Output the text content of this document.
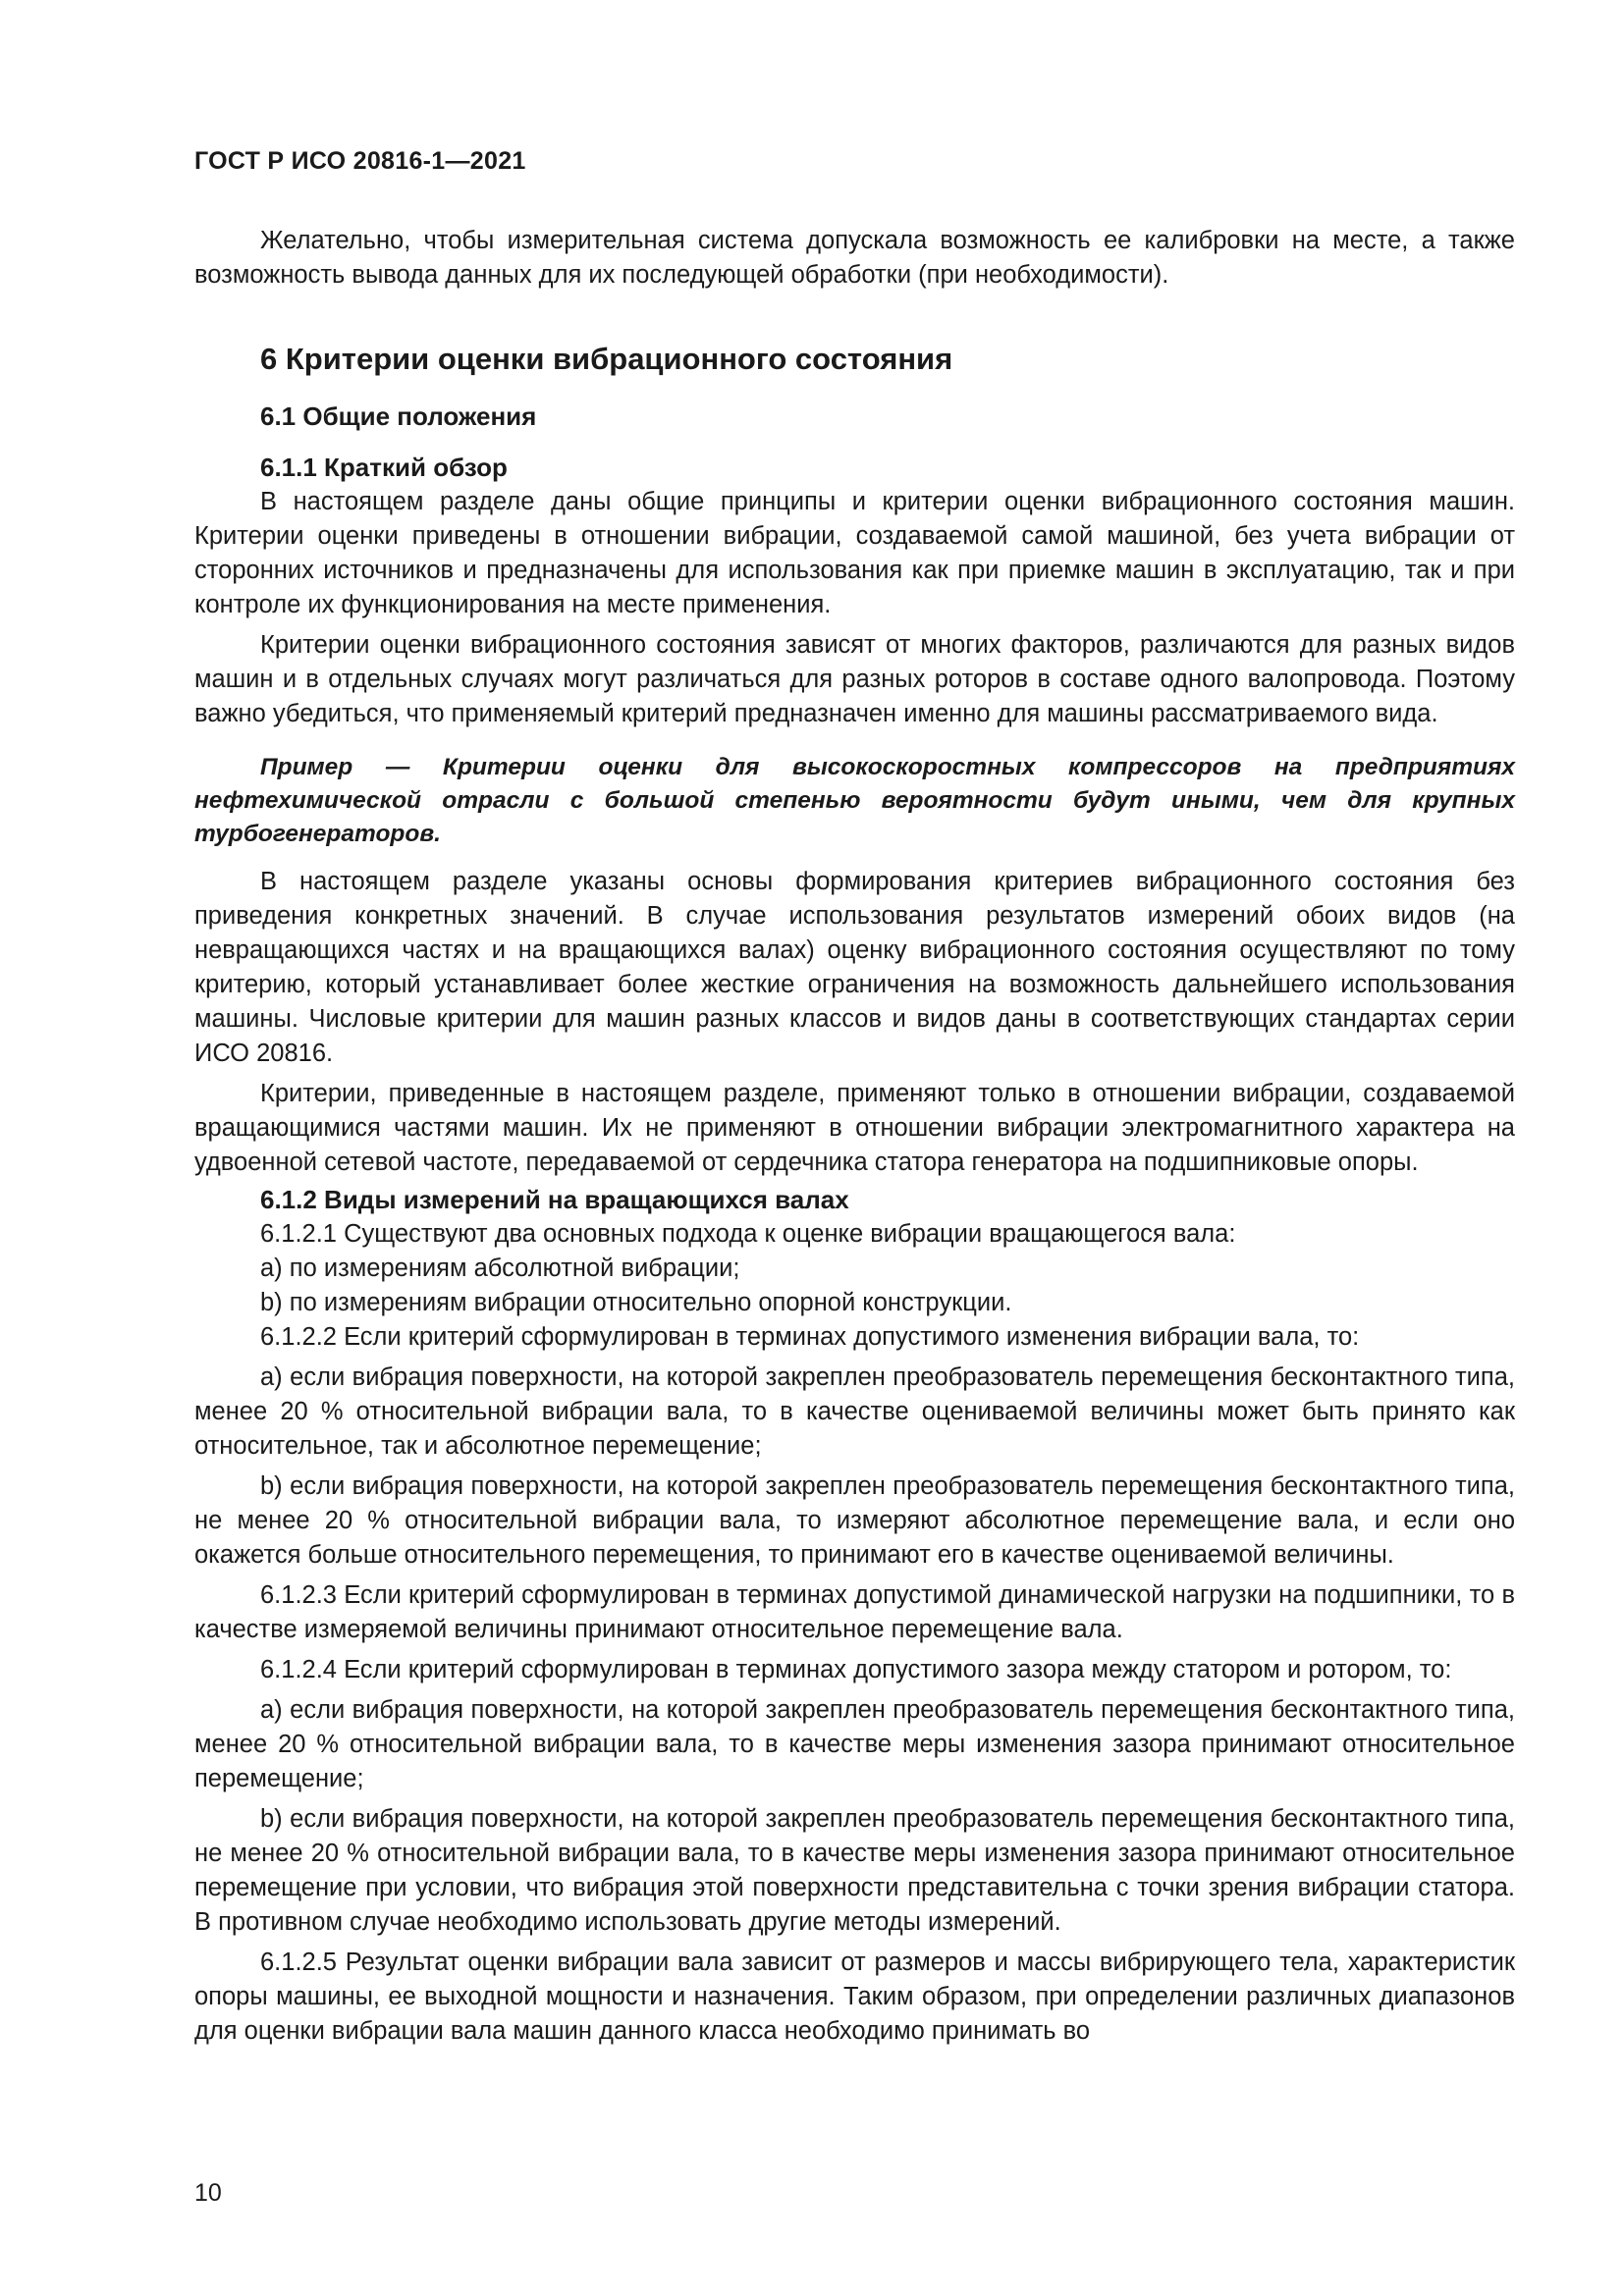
ГОСТ Р ИСО 20816-1—2021

Желательно, чтобы измерительная система допускала возможность ее калибровки на месте, а также возможность вывода данных для их последующей обработки (при необходимости).

6 Критерии оценки вибрационного состояния
6.1 Общие положения
6.1.1 Краткий обзор

В настоящем разделе даны общие принципы и критерии оценки вибрационного состояния машин. Критерии оценки приведены в отношении вибрации, создаваемой самой машиной, без учета вибрации от сторонних источников и предназначены для использования как при приемке машин в эксплуатацию, так и при контроле их функционирования на месте применения.

Критерии оценки вибрационного состояния зависят от многих факторов, различаются для разных видов машин и в отдельных случаях могут различаться для разных роторов в составе одного валопровода. Поэтому важно убедиться, что применяемый критерий предназначен именно для машины рассматриваемого вида.

Пример — Критерии оценки для высокоскоростных компрессоров на предприятиях нефтехимической отрасли с большой степенью вероятности будут иными, чем для крупных турбогенераторов.

В настоящем разделе указаны основы формирования критериев вибрационного состояния без приведения конкретных значений. В случае использования результатов измерений обоих видов (на невращающихся частях и на вращающихся валах) оценку вибрационного состояния осуществляют по тому критерию, который устанавливает более жесткие ограничения на возможность дальнейшего использования машины. Числовые критерии для машин разных классов и видов даны в соответствующих стандартах серии ИСО 20816.

Критерии, приведенные в настоящем разделе, применяют только в отношении вибрации, создаваемой вращающимися частями машин. Их не применяют в отношении вибрации электромагнитного характера на удвоенной сетевой частоте, передаваемой от сердечника статора генератора на подшипниковые опоры.

6.1.2 Виды измерений на вращающихся валах

6.1.2.1 Существуют два основных подхода к оценке вибрации вращающегося вала:

a) по измерениям абсолютной вибрации;

b) по измерениям вибрации относительно опорной конструкции.

6.1.2.2 Если критерий сформулирован в терминах допустимого изменения вибрации вала, то:

a) если вибрация поверхности, на которой закреплен преобразователь перемещения бесконтактного типа, менее 20 % относительной вибрации вала, то в качестве оцениваемой величины может быть принято как относительное, так и абсолютное перемещение;

b) если вибрация поверхности, на которой закреплен преобразователь перемещения бесконтактного типа, не менее 20 % относительной вибрации вала, то измеряют абсолютное перемещение вала, и если оно окажется больше относительного перемещения, то принимают его в качестве оцениваемой величины.

6.1.2.3 Если критерий сформулирован в терминах допустимой динамической нагрузки на подшипники, то в качестве измеряемой величины принимают относительное перемещение вала.

6.1.2.4 Если критерий сформулирован в терминах допустимого зазора между статором и ротором, то:

a) если вибрация поверхности, на которой закреплен преобразователь перемещения бесконтактного типа, менее 20 % относительной вибрации вала, то в качестве меры изменения зазора принимают относительное перемещение;

b) если вибрация поверхности, на которой закреплен преобразователь перемещения бесконтактного типа, не менее 20 % относительной вибрации вала, то в качестве меры изменения зазора принимают относительное перемещение при условии, что вибрация этой поверхности представительна с точки зрения вибрации статора. В противном случае необходимо использовать другие методы измерений.

6.1.2.5 Результат оценки вибрации вала зависит от размеров и массы вибрирующего тела, характеристик опоры машины, ее выходной мощности и назначения. Таким образом, при определении различных диапазонов для оценки вибрации вала машин данного класса необходимо принимать во

10
